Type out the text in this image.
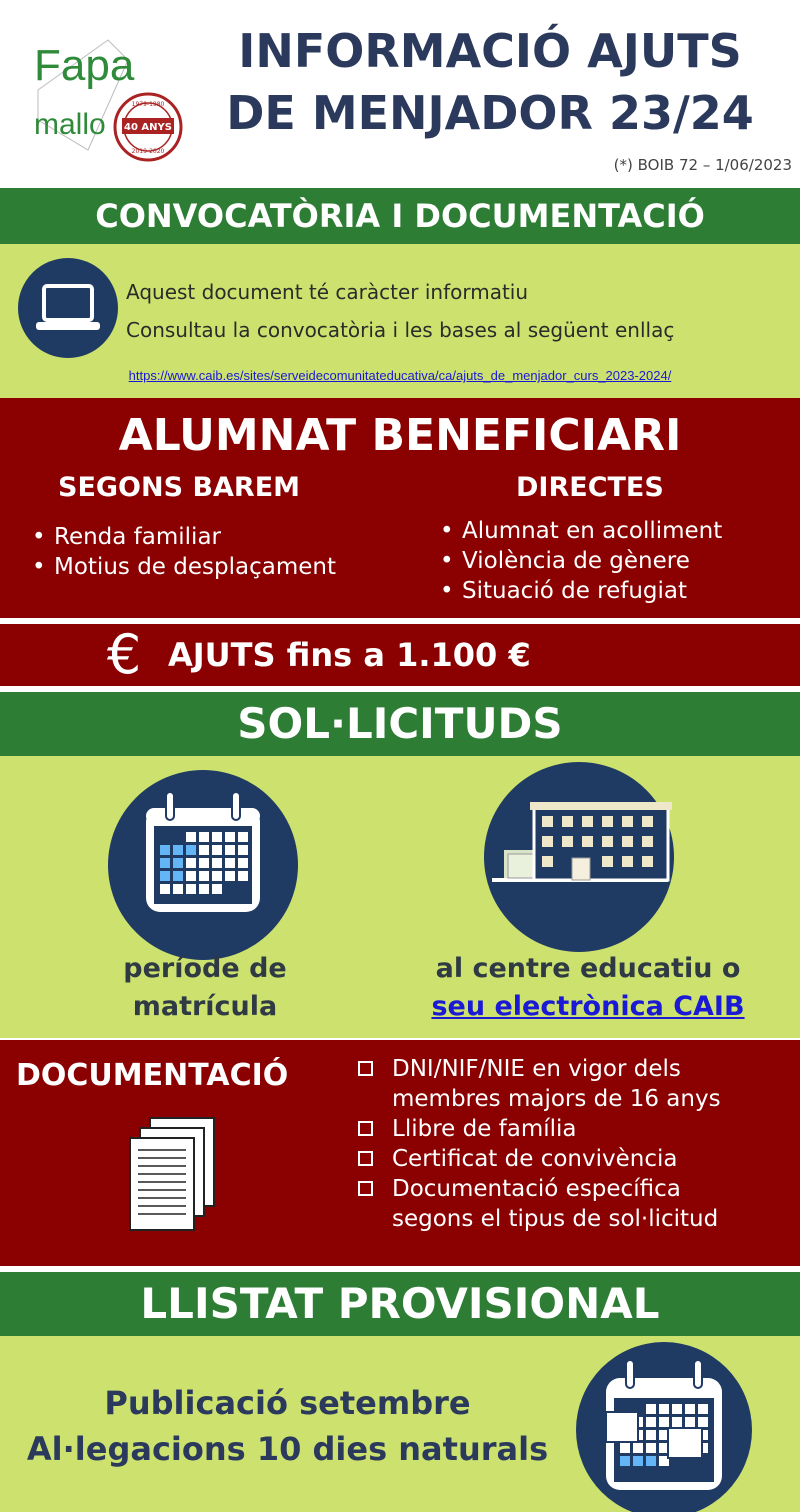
Fapa
mallo 40 ANYS
1979-1980
2019-2020
INFORMACIÓ AJUTS
DE MENJADOR 23/24
(*) BOIB 72 – 1/06/2023
CONVOCATÒRIA I DOCUMENTACIÓ
Aquest document té caràcter informatiu
Consultau la convocatòria i les bases al següent enllaç
https://www.caib.es/sites/serveidecomunitateducativa/ca/ajuts_de_menjador_curs_2023-2024/
ALUMNAT BENEFICIARI
SEGONS BAREM	DIRECTES
• Renda familiar
• Motius de desplaçament
• Alumnat en acolliment
• Violència de gènere
• Situació de refugiat
€ AJUTS fins a 1.100 €
SOL·LICITUDS
període de
matrícula
al centre educatiu o
seu electrònica CAIB
DOCUMENTACIÓ	DNI/NIF/NIE en vigor dels
membres majors de 16 anys
Llibre de família
Certificat de convivència
Documentació específica
segons el tipus de sol·licitud
LLISTAT PROVISIONAL
Publicació setembre
Al·legacions 10 dies naturals
